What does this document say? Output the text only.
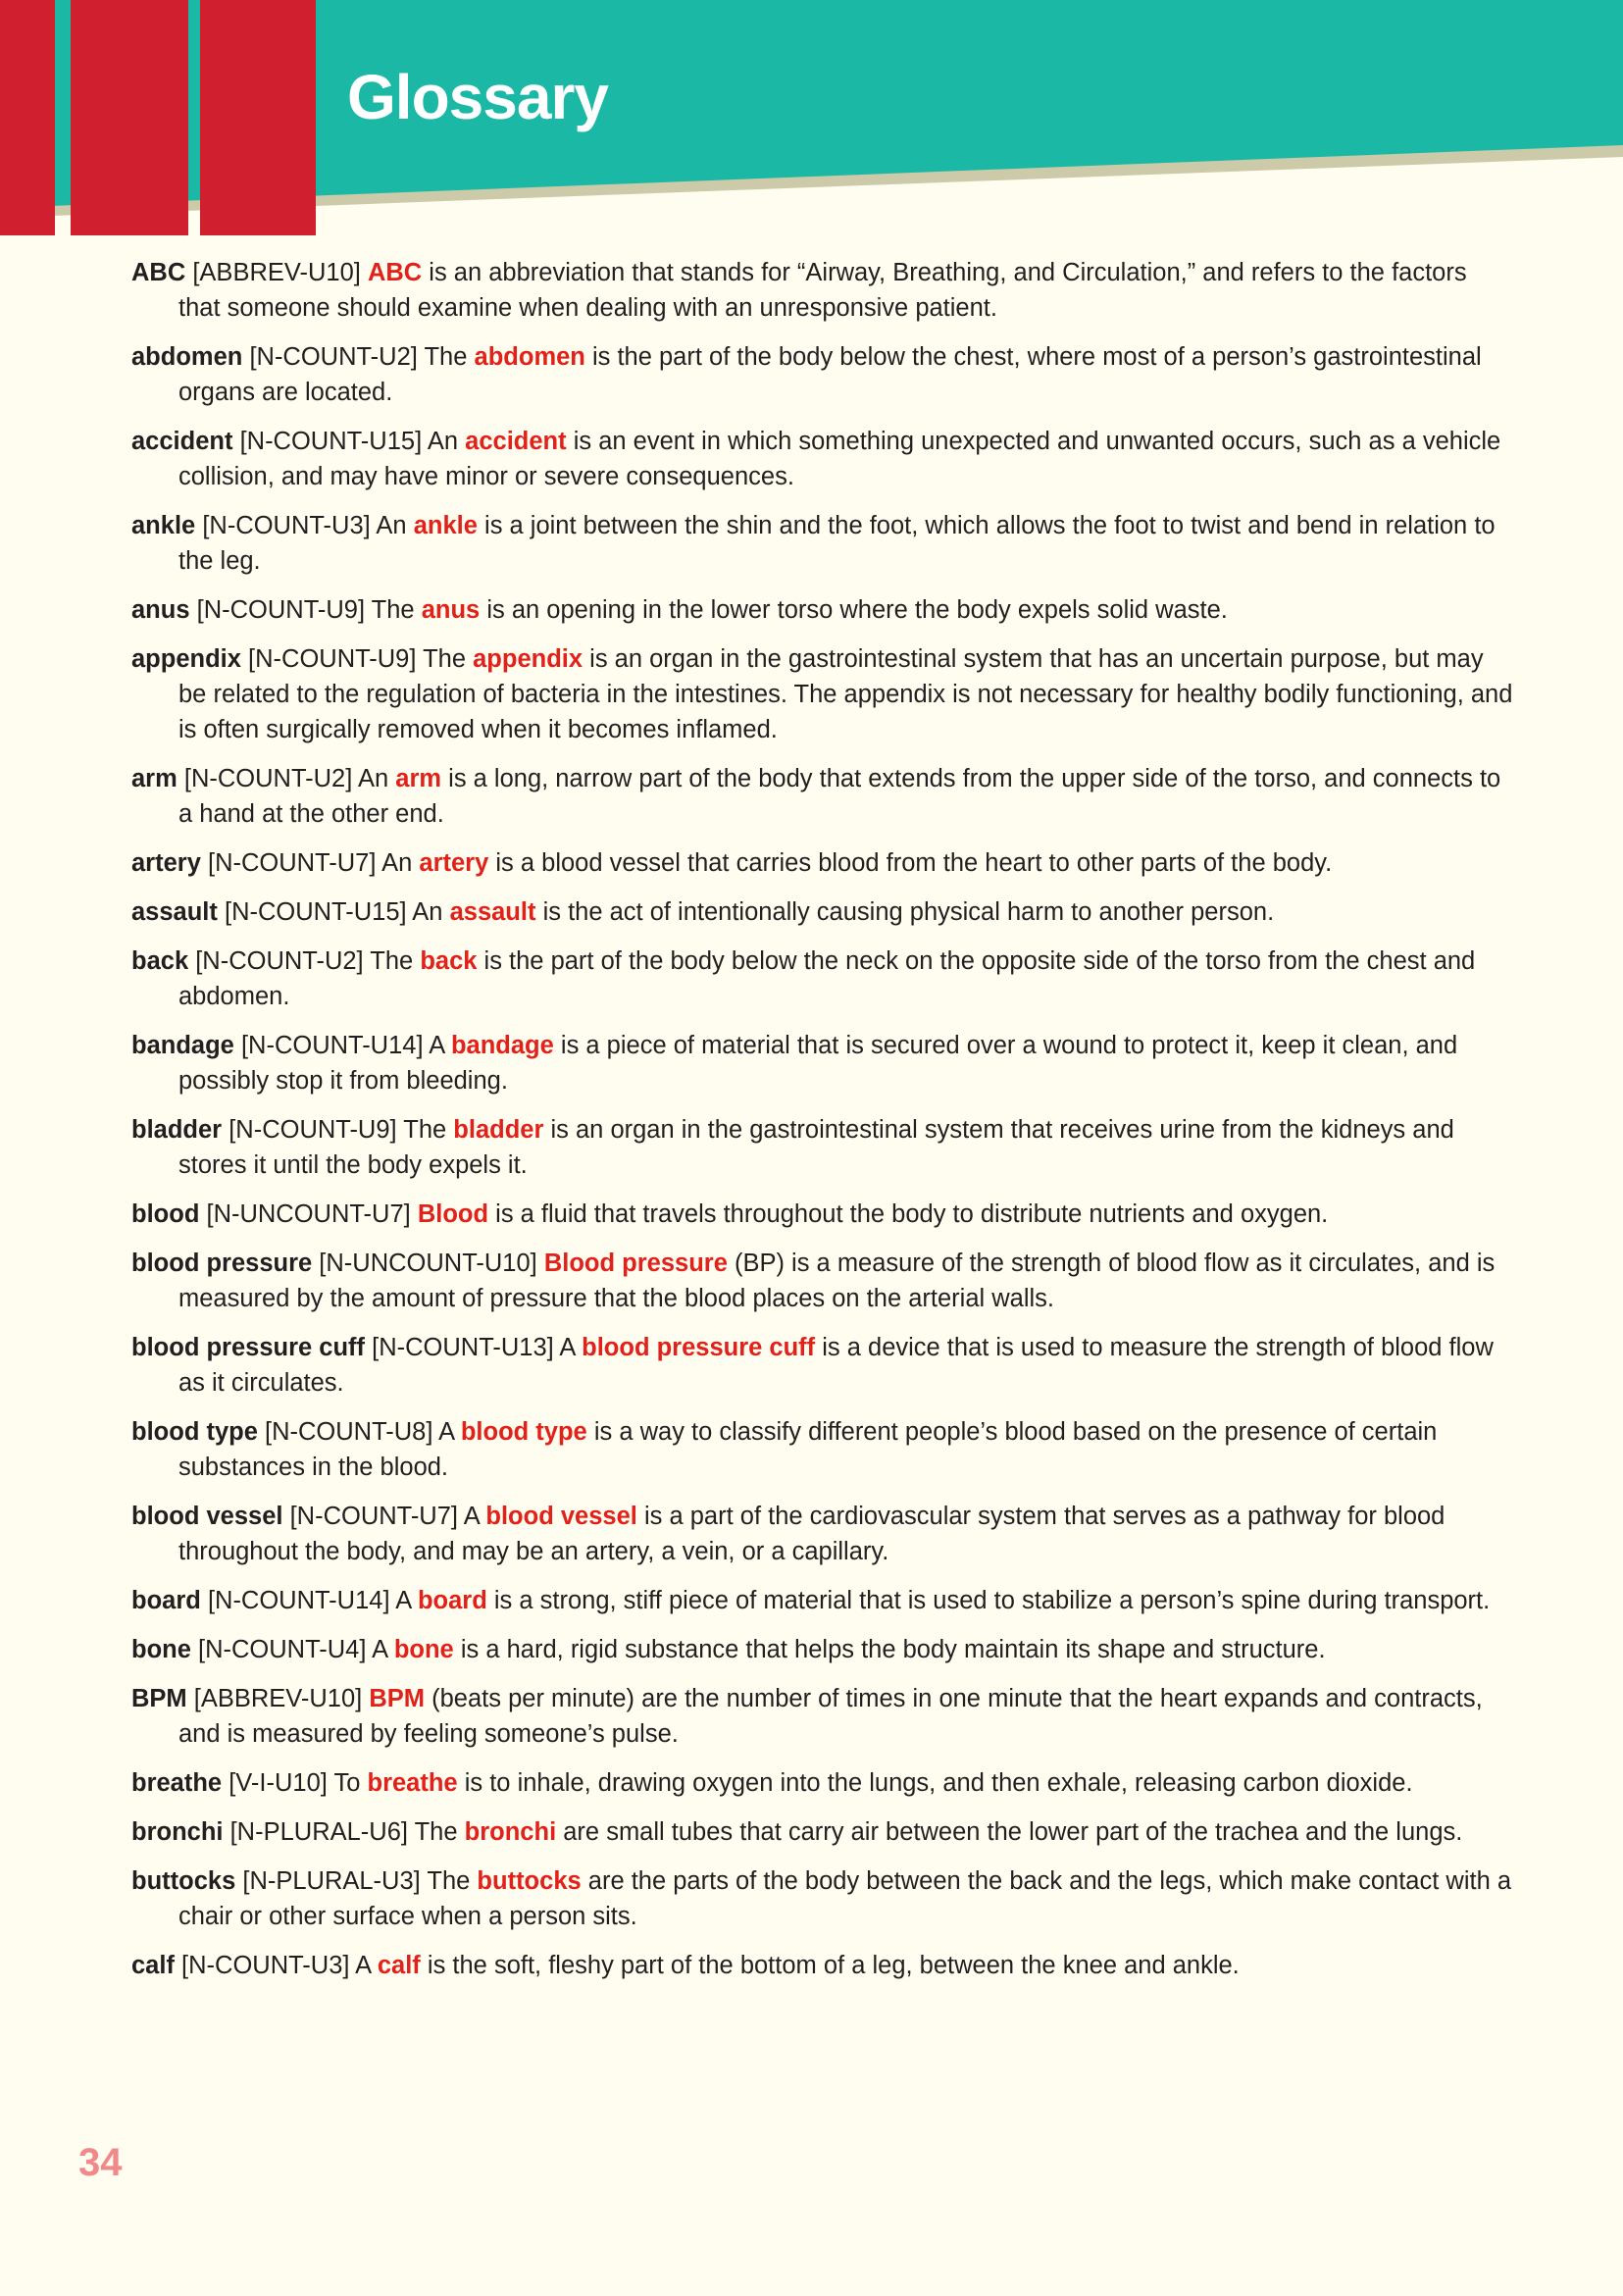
Glossary

ABC [ABBREV-U10] ABC is an abbreviation that stands for “Airway, Breathing, and Circulation,” and refers to the factors that someone should examine when dealing with an unresponsive patient.

abdomen [N-COUNT-U2] The abdomen is the part of the body below the chest, where most of a person’s gastrointestinal organs are located.

accident [N-COUNT-U15] An accident is an event in which something unexpected and unwanted occurs, such as a vehicle collision, and may have minor or severe consequences.

ankle [N-COUNT-U3] An ankle is a joint between the shin and the foot, which allows the foot to twist and bend in relation to the leg.

anus [N-COUNT-U9] The anus is an opening in the lower torso where the body expels solid waste.

appendix [N-COUNT-U9] The appendix is an organ in the gastrointestinal system that has an uncertain purpose, but may be related to the regulation of bacteria in the intestines. The appendix is not necessary for healthy bodily functioning, and is often surgically removed when it becomes inflamed.

arm [N-COUNT-U2] An arm is a long, narrow part of the body that extends from the upper side of the torso, and connects to a hand at the other end.

artery [N-COUNT-U7] An artery is a blood vessel that carries blood from the heart to other parts of the body.

assault [N-COUNT-U15] An assault is the act of intentionally causing physical harm to another person.

back [N-COUNT-U2] The back is the part of the body below the neck on the opposite side of the torso from the chest and abdomen.

bandage [N-COUNT-U14] A bandage is a piece of material that is secured over a wound to protect it, keep it clean, and possibly stop it from bleeding.

bladder [N-COUNT-U9] The bladder is an organ in the gastrointestinal system that receives urine from the kidneys and stores it until the body expels it.

blood [N-UNCOUNT-U7] Blood is a fluid that travels throughout the body to distribute nutrients and oxygen.

blood pressure [N-UNCOUNT-U10] Blood pressure (BP) is a measure of the strength of blood flow as it circulates, and is measured by the amount of pressure that the blood places on the arterial walls.

blood pressure cuff [N-COUNT-U13] A blood pressure cuff is a device that is used to measure the strength of blood flow as it circulates.

blood type [N-COUNT-U8] A blood type is a way to classify different people’s blood based on the presence of certain substances in the blood.

blood vessel [N-COUNT-U7] A blood vessel is a part of the cardiovascular system that serves as a pathway for blood throughout the body, and may be an artery, a vein, or a capillary.

board [N-COUNT-U14] A board is a strong, stiff piece of material that is used to stabilize a person’s spine during transport.

bone [N-COUNT-U4] A bone is a hard, rigid substance that helps the body maintain its shape and structure.

BPM [ABBREV-U10] BPM (beats per minute) are the number of times in one minute that the heart expands and contracts, and is measured by feeling someone’s pulse.

breathe [V-I-U10] To breathe is to inhale, drawing oxygen into the lungs, and then exhale, releasing carbon dioxide.

bronchi [N-PLURAL-U6] The bronchi are small tubes that carry air between the lower part of the trachea and the lungs.

buttocks [N-PLURAL-U3] The buttocks are the parts of the body between the back and the legs, which make contact with a chair or other surface when a person sits.

calf [N-COUNT-U3] A calf is the soft, fleshy part of the bottom of a leg, between the knee and ankle.

34
